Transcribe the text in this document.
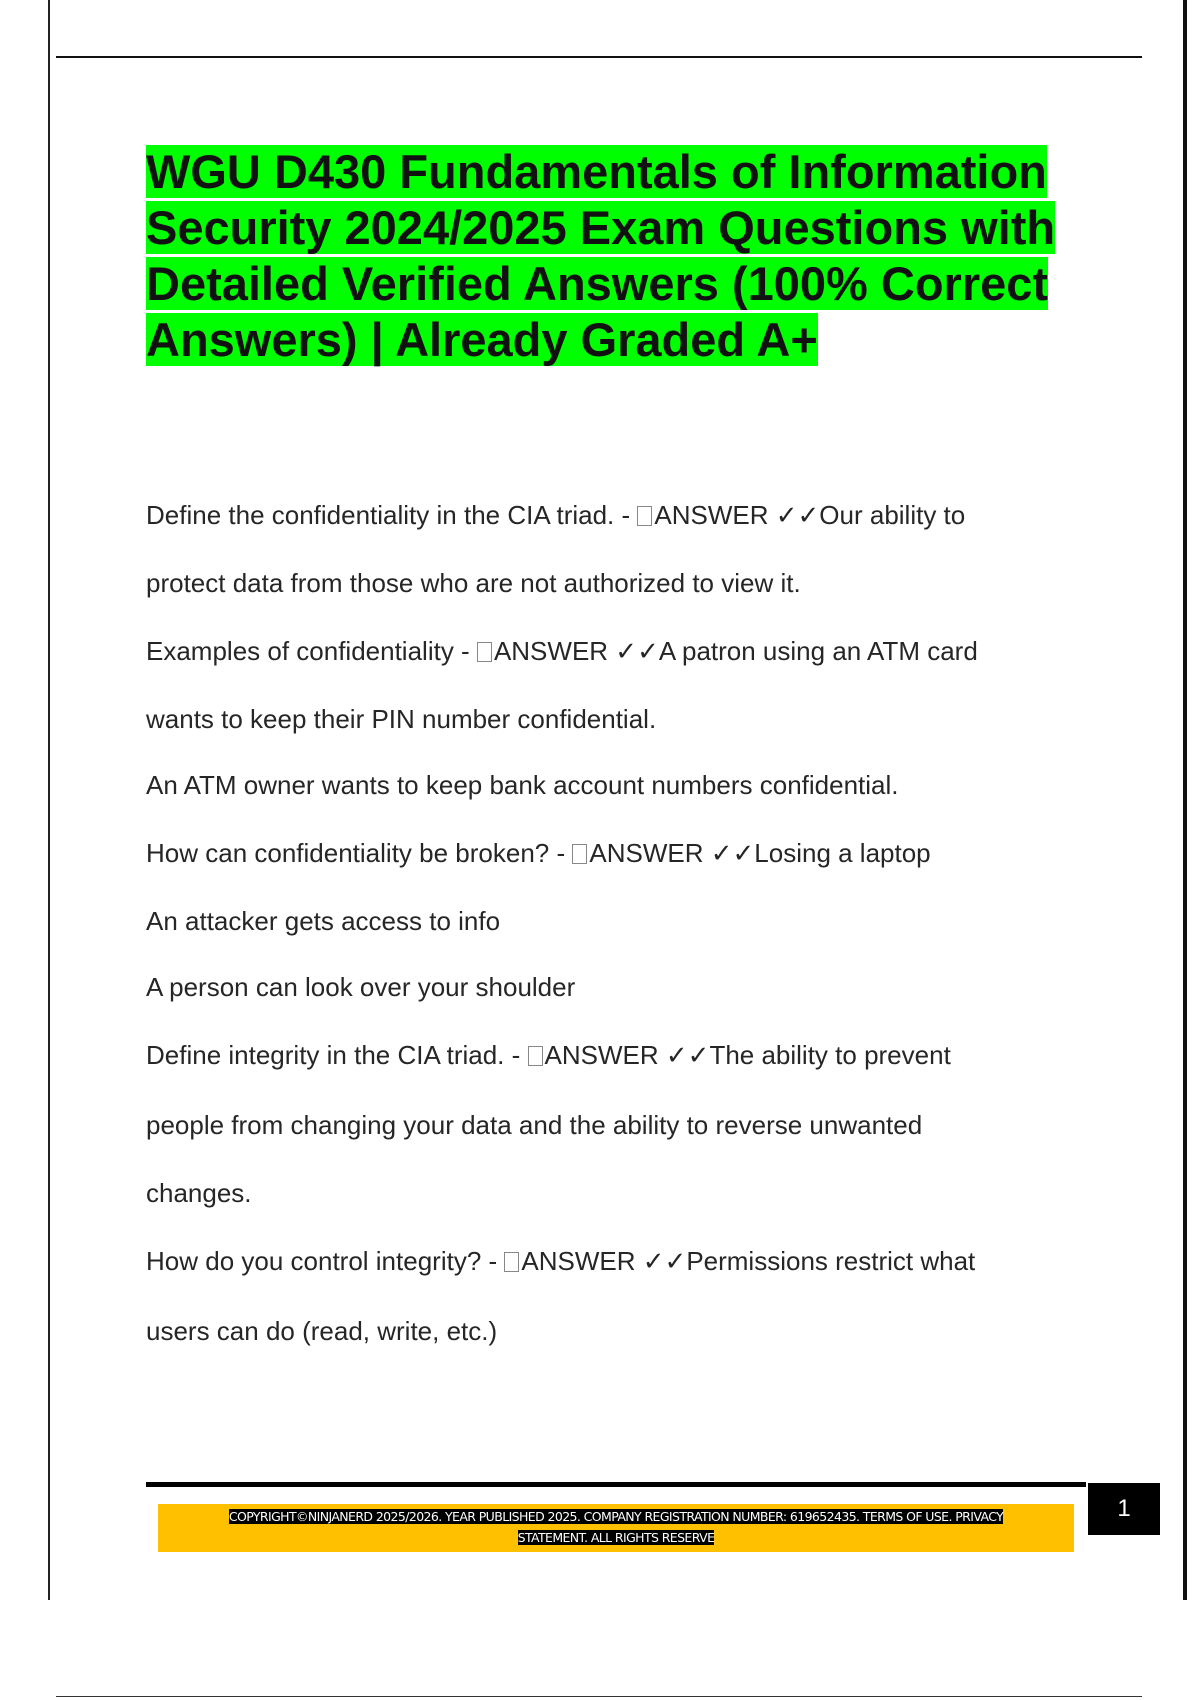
WGU D430 Fundamentals of Information Security 2024/2025 Exam Questions with Detailed Verified Answers (100% Correct Answers) | Already Graded A+
Define the confidentiality in the CIA triad. - ANSWER ✓✓Our ability to
protect data from those who are not authorized to view it.
Examples of confidentiality - ANSWER ✓✓A patron using an ATM card
wants to keep their PIN number confidential.
An ATM owner wants to keep bank account numbers confidential.
How can confidentiality be broken? - ANSWER ✓✓Losing a laptop
An attacker gets access to info
A person can look over your shoulder
Define integrity in the CIA triad. - ANSWER ✓✓The ability to prevent
people from changing your data and the ability to reverse unwanted
changes.
How do you control integrity? - ANSWER ✓✓Permissions restrict what
users can do (read, write, etc.)
COPYRIGHT©NINJANERD 2025/2026. YEAR PUBLISHED 2025. COMPANY REGISTRATION NUMBER: 619652435. TERMS OF USE. PRIVACY
STATEMENT. ALL RIGHTS RESERVE
1
